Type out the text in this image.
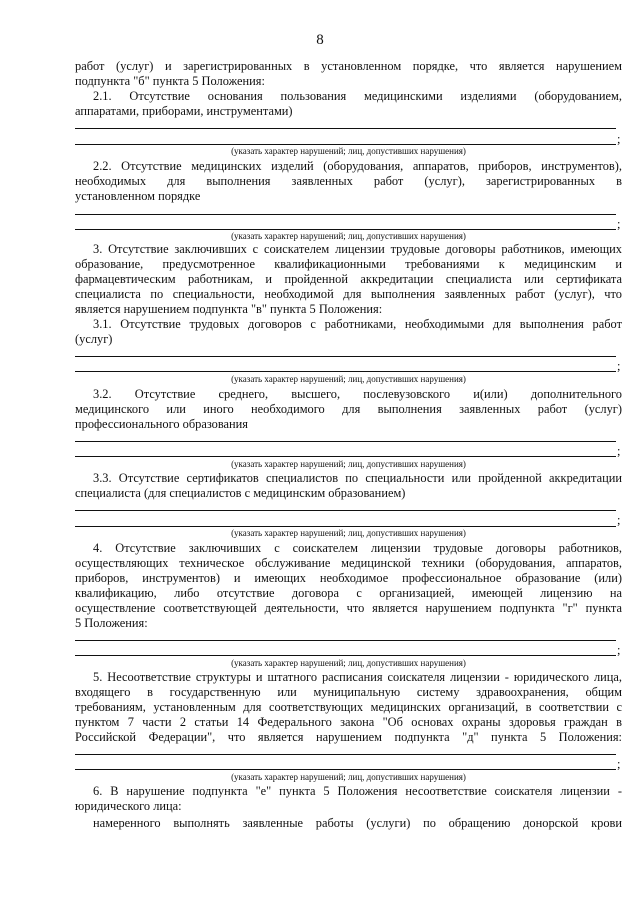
8
работ (услуг) и зарегистрированных в установленном порядке, что является нарушением
подпункта "б" пункта 5 Положения:
2.1. Отсутствие основания пользования медицинскими изделиями (оборудованием,
аппаратами, приборами, инструментами)
;
(указать характер нарушений; лиц, допустивших нарушения)
2.2. Отсутствие медицинских изделий (оборудования, аппаратов, приборов, инструментов),
необходимых для выполнения заявленных работ (услуг), зарегистрированных в
установленном порядке
;
(указать характер нарушений; лиц, допустивших нарушения)
3. Отсутствие заключивших с соискателем лицензии трудовые договоры работников, имеющих
образование, предусмотренное квалификационными требованиями к медицинским и
фармацевтическим работникам, и пройденной аккредитации специалиста или сертификата
специалиста по специальности, необходимой для выполнения заявленных работ (услуг), что
является нарушением подпункта "в" пункта 5 Положения:
3.1. Отсутствие трудовых договоров с работниками, необходимыми для выполнения работ
(услуг)
;
(указать характер нарушений; лиц, допустивших нарушения)
3.2. Отсутствие среднего, высшего, послевузовского и(или) дополнительного
медицинского или иного необходимого для выполнения заявленных работ (услуг)
профессионального образования
;
(указать характер нарушений; лиц, допустивших нарушения)
3.3. Отсутствие сертификатов специалистов по специальности или пройденной аккредитации
специалиста (для специалистов с медицинским образованием)
;
(указать характер нарушений; лиц, допустивших нарушения)
4. Отсутствие заключивших с соискателем лицензии трудовые договоры работников,
осуществляющих техническое обслуживание медицинской техники (оборудования, аппаратов,
приборов, инструментов) и имеющих необходимое профессиональное образование (или)
квалификацию, либо отсутствие договора с организацией, имеющей лицензию на
осуществление соответствующей деятельности, что является нарушением подпункта "г" пункта
5 Положения:
;
(указать характер нарушений; лиц, допустивших нарушения)
5. Несоответствие структуры и штатного расписания соискателя лицензии - юридического лица,
входящего в государственную или муниципальную систему здравоохранения, общим
требованиям, установленным для соответствующих медицинских организаций, в соответствии с
пунктом 7 части 2 статьи 14 Федерального закона "Об основах охраны здоровья граждан в
Российской Федерации", что является нарушением подпункта "д" пункта 5 Положения:
;
(указать характер нарушений; лиц, допустивших нарушения)
6. В нарушение подпункта "е" пункта 5 Положения несоответствие соискателя лицензии -
юридического лица:
намеренного выполнять заявленные работы (услуги) по обращению донорской крови
